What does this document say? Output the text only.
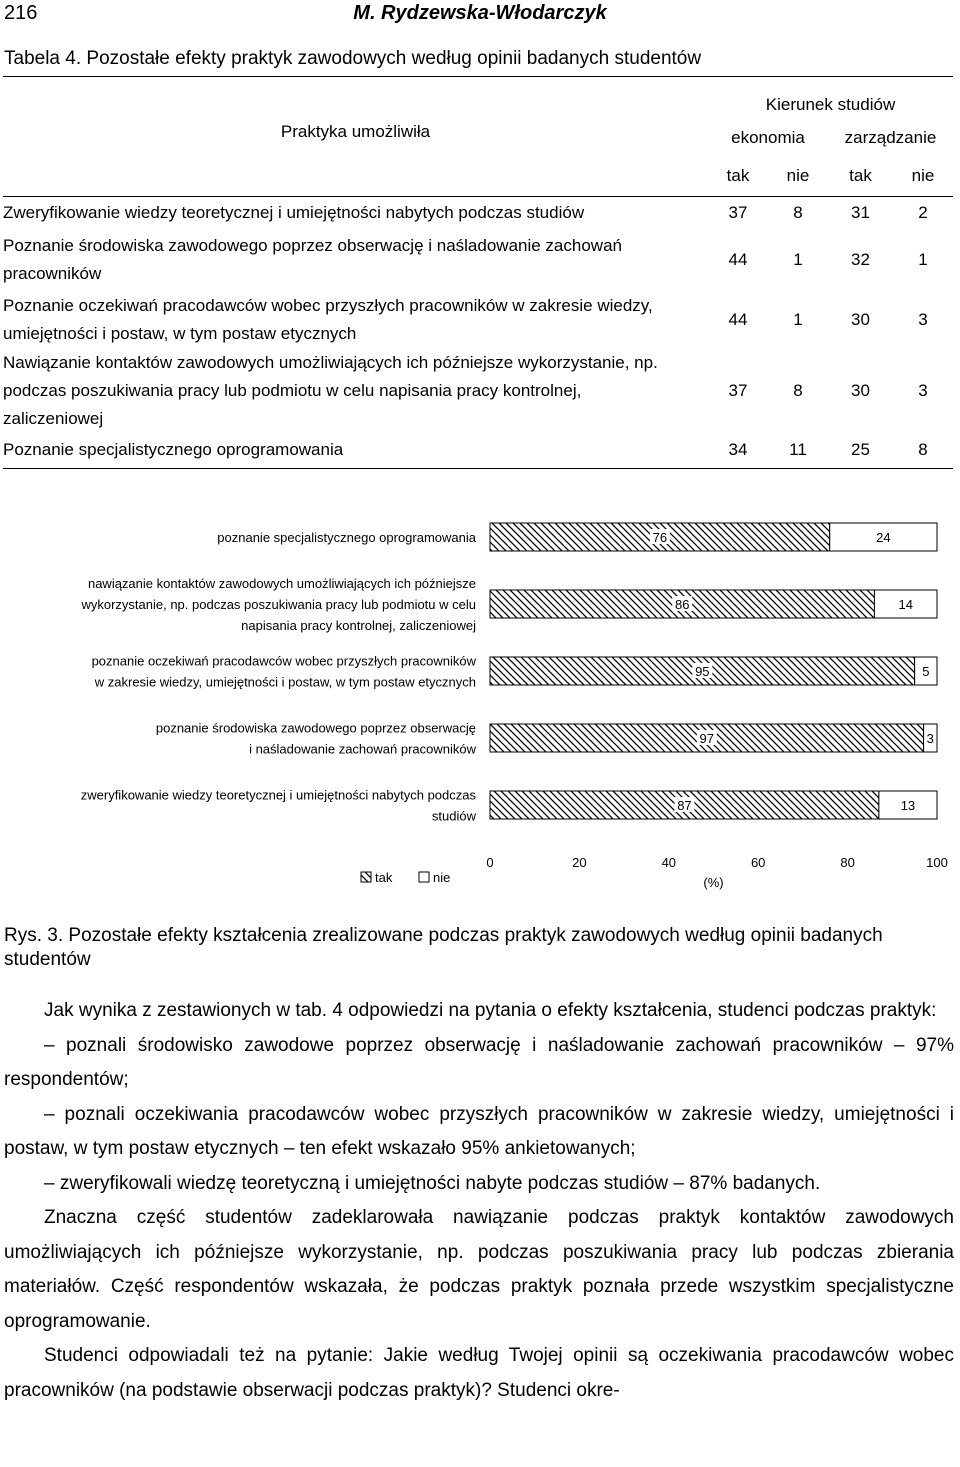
216	M. Rydzewska-Włodarczyk
Tabela 4. Pozostałe efekty praktyk zawodowych według opinii badanych studentów
Praktyka umożliwiła	Kierunek studiów			
	ekonomia		zarządzanie	
	tak	nie	tak	nie
Zweryfikowanie wiedzy teoretycznej i umiejętności nabytych podczas studiów	37	8	31	2
Poznanie środowiska zawodowego poprzez obserwację i naśladowanie zachowań pracowników	44	1	32	1
Poznanie oczekiwań pracodawców wobec przyszłych pracowników w zakresie wiedzy, umiejętności i postaw, w tym postaw etycznych	44	1	30	3
Nawiązanie kontaktów zawodowych umożliwiających ich późniejsze wykorzystanie, np. podczas poszukiwania pracy lub podmiotu w celu napisania pracy kontrolnej, zaliczeniowej	37	8	30	3
Poznanie specjalistycznego oprogramowania	34	11	25	8
76	24
poznanie specjalistycznego oprogramowania
86	14
nawiązanie kontaktów zawodowych umożliwiających ich późniejsze
wykorzystanie, np. podczas poszukiwania pracy lub podmiotu w celu
napisania pracy kontrolnej, zaliczeniowej
95	5
poznanie oczekiwań pracodawców wobec przyszłych pracowników
w zakresie wiedzy, umiejętności i postaw, w tym postaw etycznych
97	3
poznanie środowiska zawodowego poprzez obserwację
i naśladowanie zachowań pracowników
87	13
zweryfikowanie wiedzy teoretycznej i umiejętności nabytych podczas
studiów
0	20	40	60	80	100
(%)
tak	nie
Rys. 3. Pozostałe efekty kształcenia zrealizowane podczas praktyk zawodowych według opinii badanych studentów

Jak wynika z zestawionych w tab. 4 odpowiedzi na pytania o efekty kształcenia, studenci podczas praktyk:

– poznali środowisko zawodowe poprzez obserwację i naśladowanie zachowań pracowników – 97% respondentów;

– poznali oczekiwania pracodawców wobec przyszłych pracowników w zakresie wiedzy, umiejętności i postaw, w tym postaw etycznych – ten efekt wskazało 95% ankietowanych;

– zweryfikowali wiedzę teoretyczną i umiejętności nabyte podczas studiów – 87% badanych.

Znaczna część studentów zadeklarowała nawiązanie podczas praktyk kontaktów zawodowych umożliwiających ich późniejsze wykorzystanie, np. podczas poszukiwania pracy lub podczas zbierania materiałów. Część respondentów wskazała, że podczas praktyk poznała przede wszystkim specjalistyczne oprogramowanie.

Studenci odpowiadali też na pytanie: Jakie według Twojej opinii są oczekiwania pracodawców wobec pracowników (na podstawie obserwacji podczas praktyk)? Studenci okre-
